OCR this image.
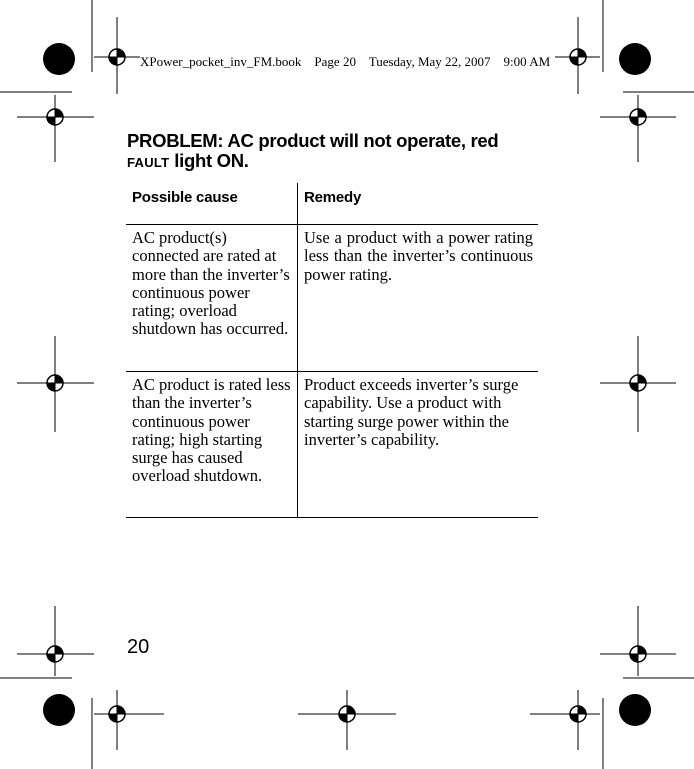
XPower_pocket_inv_FM.book Page 20 Tuesday, May 22, 2007 9:00 AM
PROBLEM: AC product will not operate, red FAULT light ON.
Possible cause	Remedy
AC product(s) connected are rated at more than the inverter’s continuous power rating; overload shutdown has occurred.	Use a product with a power rating less than the inverter’s continuous power rating.
AC product is rated less than the inverter’s continuous power rating; high starting surge has caused overload shutdown.	Product exceeds inverter’s surge capability. Use a product with starting surge power within the inverter’s capability.
20
